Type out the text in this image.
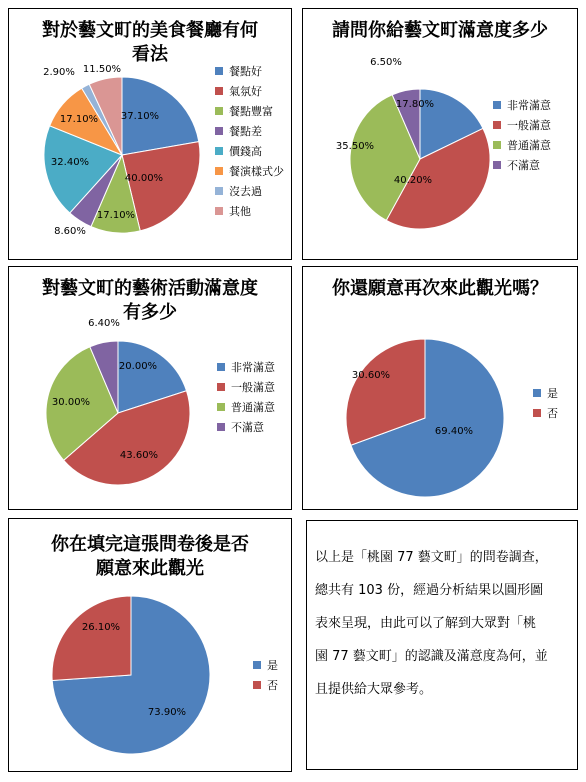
對於藝文町的美食餐廳有何
看法
37.10%
40.00%
17.10%
8.60%
32.40%
17.10%
2.90% 11.50%	餐點好
氣氛好
餐點豐富
餐點差
價錢高
餐演樣式少
沒去過
其他
請問你給藝文町滿意度多少
17.80%
40.20%
35.50%
6.50%
非常滿意
一般滿意
普通滿意
不滿意
對藝文町的藝術活動滿意度
有多少
20.00%
43.60%
30.00%
6.40%
非常滿意
一般滿意
普通滿意
不滿意
你還願意再次來此觀光嗎？
69.40%
30.60%
是
否
你在填完這張問卷後是否
願意來此觀光
73.90%
26.10%
是
否
以上是「桃園 77 藝文町」的問卷調查，
總共有 103 份，經過分析結果以圓形圖
表來呈現，由此可以了解到大眾對「桃
園 77 藝文町」的認識及滿意度為何，並
且提供給大眾參考。
